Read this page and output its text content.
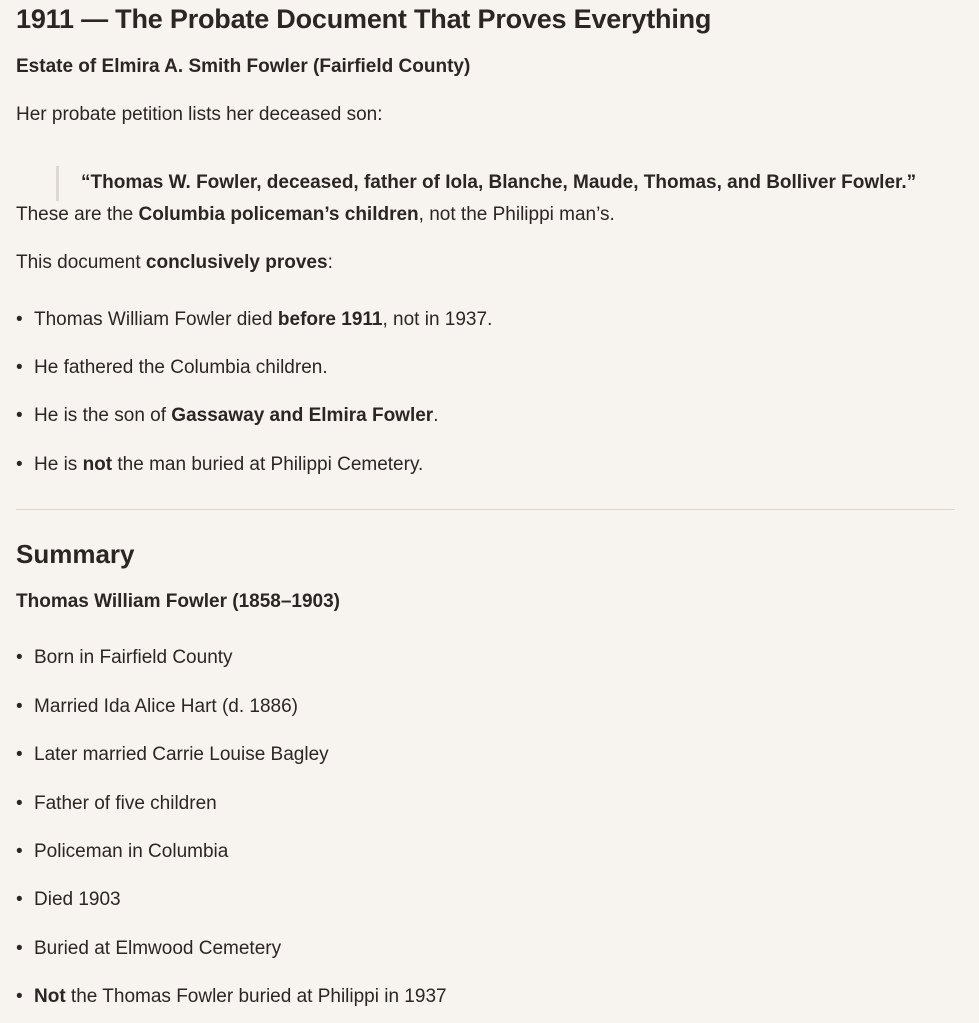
1911 — The Probate Document That Proves Everything

Estate of Elmira A. Smith Fowler (Fairfield County)

Her probate petition lists her deceased son:

“Thomas W. Fowler, deceased, father of Iola, Blanche, Maude, Thomas, and Bolliver Fowler.”

These are the Columbia policeman’s children, not the Philippi man’s.

This document conclusively proves:

• Thomas William Fowler died before 1911, not in 1937.

• He fathered the Columbia children.

• He is the son of Gassaway and Elmira Fowler.

• He is not the man buried at Philippi Cemetery.

Summary

Thomas William Fowler (1858–1903)

• Born in Fairfield County

• Married Ida Alice Hart (d. 1886)

• Later married Carrie Louise Bagley

• Father of five children

• Policeman in Columbia

• Died 1903

• Buried at Elmwood Cemetery

• Not the Thomas Fowler buried at Philippi in 1937
